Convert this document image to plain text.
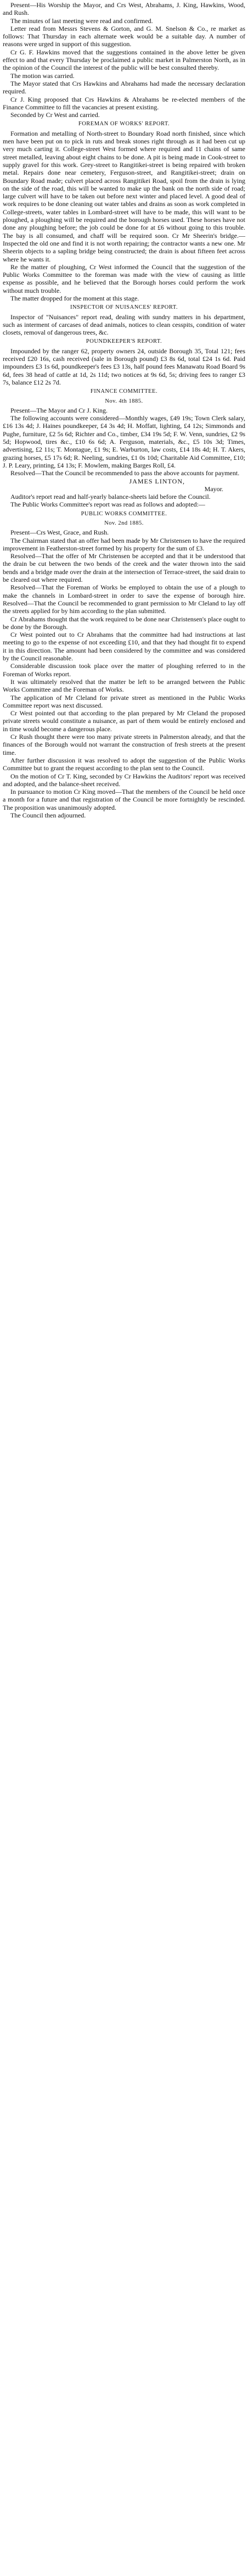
Present—His Worship the Mayor, and Crs West, Abrahams, J. King, Hawkins, Wood, and Rush.

The minutes of last meeting were read and confirmed.

Letter read from Messrs Stevens & Gorton, and G. M. Snelson & Co., re market as follows: That Thursday in each alternate week would be a suitable day. A number of reasons were urged in support of this suggestion.

Cr G. F. Hawkins moved that the suggestions contained in the above letter be given effect to and that every Thursday be proclaimed a public market in Palmerston North, as in the opinion of the Council the interest of the public will be best consulted thereby.

The motion was carried.

The Mayor stated that Crs Hawkins and Abrahams had made the necessary declaration required.

Cr J. King proposed that Crs Hawkins & Abrahams be re-elected members of the Finance Committee to fill the vacancies at present existing.

Seconded by Cr West and carried.

FOREMAN OF WORKS' REPORT.

Formation and metalling of North-street to Boundary Road north finished, since which men have been put on to pick in ruts and break stones right through as it had been cut up very much carting it. College-street West formed where required and 11 chains of same street metalled, leaving about eight chains to be done. A pit is being made in Cook-street to supply gravel for this work. Grey-street to Rangitikei-street is being repaired with broken metal. Repairs done near cemetery, Ferguson-street, and Rangitikei-street; drain on Boundary Road made; culvert placed across Rangitikei Road, spoil from the drain is lying on the side of the road, this will be wanted to make up the bank on the north side of road; large culvert will have to be taken out before next winter and placed level. A good deal of work requires to be done cleaning out water tables and drains as soon as work completed in College-streets, water tables in Lombard-street will have to be made, this will want to be ploughed, a ploughing will be required and the borough horses used. These horses have not done any ploughing before; the job could be done for at £6 without going to this trouble. The bay is all consumed, and chaff will be required soon. Cr Mr Sheerin's bridge.—Inspected the old one and find it is not worth repairing; the contractor wants a new one. Mr Sheerin objects to a sapling bridge being constructed; the drain is about fifteen feet across where he wants it.

Re the matter of ploughing, Cr West informed the Council that the suggestion of the Public Works Committee to the foreman was made with the view of causing as little expense as possible, and he believed that the Borough horses could perform the work without much trouble.

The matter dropped for the moment at this stage.

INSPECTOR OF NUISANCES' REPORT.

Inspector of "Nuisances" report read, dealing with sundry matters in his department, such as interment of carcases of dead animals, notices to clean cesspits, condition of water closets, removal of dangerous trees, &c.

POUNDKEEPER'S REPORT.

Impounded by the ranger 62, property owners 24, outside Borough 35, Total 121; fees received £20 16s, cash received (sale in Borough pound) £3 8s 6d, total £24 1s 6d. Paid impounders £3 1s 6d, poundkeeper's fees £3 13s, half pound fees Manawatu Road Board 9s 6d, fees 38 head of cattle at 1d, 2s 11d; two notices at 9s 6d, 5s; driving fees to ranger £3 7s, balance £12 2s 7d.

FINANCE COMMITTEE.

Nov. 4th 1885.

Present—The Mayor and Cr J. King.

The following accounts were considered—Monthly wages, £49 19s; Town Clerk salary, £16 13s 4d; J. Haines poundkeeper, £4 3s 4d; H. Moffatt, lighting, £4 12s; Simmonds and Pughe, furniture, £2 5s 6d; Richter and Co., timber, £34 19s 5d; F. W. Venn, sundries, £2 9s 5d; Hopwood, tires &c., £10 6s 6d; A. Ferguson, materials, &c., £5 10s 3d; Times, advertising, £2 11s; T. Montague, £1 9s; E. Warburton, law costs, £14 18s 4d; H. T. Akers, grazing horses, £5 17s 6d; R. Neeling, sundries, £1 0s 10d; Charitable Aid Committee, £10; J. P. Leary, printing, £4 13s; F. Mowlem, making Barges Roll, £4.

Resolved—That the Council be recommended to pass the above accounts for payment.

JAMES LINTON,

Mayor.

Auditor's report read and half-yearly balance-sheets laid before the Council.

The Public Works Committee's report was read as follows and adopted:—

PUBLIC WORKS COMMITTEE.

Nov. 2nd 1885.

Present—Crs West, Grace, and Rush.

The Chairman stated that an offer had been made by Mr Christensen to have the required improvement in Featherston-street formed by his property for the sum of £3.

Resolved—That the offer of Mr Christensen be accepted and that it be understood that the drain be cut between the two bends of the creek and the water thrown into the said bends and a bridge made over the drain at the intersection of Terrace-street, the said drain to be cleared out where required.

Resolved—That the Foreman of Works be employed to obtain the use of a plough to make the channels in Lombard-street in order to save the expense of borough hire. Resolved—That the Council be recommended to grant permission to Mr Cleland to lay off the streets applied for by him according to the plan submitted.

Cr Abrahams thought that the work required to be done near Christensen's place ought to be done by the Borough.

Cr West pointed out to Cr Abrahams that the committee had had instructions at last meeting to go to the expense of not exceeding £10, and that they had thought fit to expend it in this direction. The amount had been considered by the committee and was considered by the Council reasonable.

Considerable discussion took place over the matter of ploughing referred to in the Foreman of Works report.

It was ultimately resolved that the matter be left to be arranged between the Public Works Committee and the Foreman of Works.

The application of Mr Cleland for private street as mentioned in the Public Works Committee report was next discussed.

Cr West pointed out that according to the plan prepared by Mr Cleland the proposed private streets would constitute a nuisance, as part of them would be entirely enclosed and in time would become a dangerous place.

Cr Rush thought there were too many private streets in Palmerston already, and that the finances of the Borough would not warrant the construction of fresh streets at the present time.

After further discussion it was resolved to adopt the suggestion of the Public Works Committee but to grant the request according to the plan sent to the Council.

On the motion of Cr T. King, seconded by Cr Hawkins the Auditors' report was received and adopted, and the balance-sheet received.

In pursuance to motion Cr King moved—That the members of the Council be held once a month for a future and that registration of the Council be more fortnightly be rescinded. The proposition was unanimously adopted.

The Council then adjourned.
